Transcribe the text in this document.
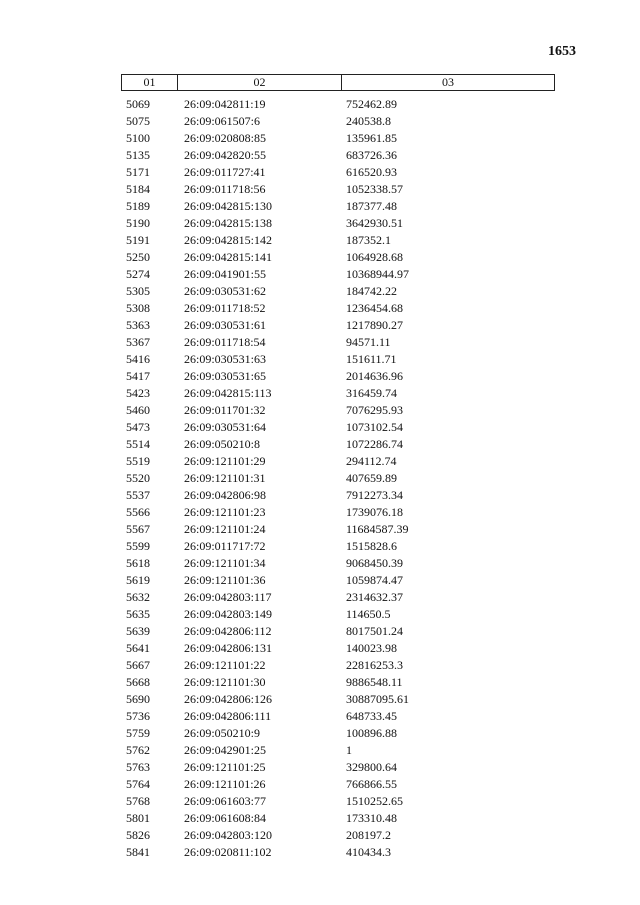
1653
01	02	03
5069	26:09:042811:19	752462.89
5075	26:09:061507:6	240538.8
5100	26:09:020808:85	135961.85
5135	26:09:042820:55	683726.36
5171	26:09:011727:41	616520.93
5184	26:09:011718:56	1052338.57
5189	26:09:042815:130	187377.48
5190	26:09:042815:138	3642930.51
5191	26:09:042815:142	187352.1
5250	26:09:042815:141	1064928.68
5274	26:09:041901:55	10368944.97
5305	26:09:030531:62	184742.22
5308	26:09:011718:52	1236454.68
5363	26:09:030531:61	1217890.27
5367	26:09:011718:54	94571.11
5416	26:09:030531:63	151611.71
5417	26:09:030531:65	2014636.96
5423	26:09:042815:113	316459.74
5460	26:09:011701:32	7076295.93
5473	26:09:030531:64	1073102.54
5514	26:09:050210:8	1072286.74
5519	26:09:121101:29	294112.74
5520	26:09:121101:31	407659.89
5537	26:09:042806:98	7912273.34
5566	26:09:121101:23	1739076.18
5567	26:09:121101:24	11684587.39
5599	26:09:011717:72	1515828.6
5618	26:09:121101:34	9068450.39
5619	26:09:121101:36	1059874.47
5632	26:09:042803:117	2314632.37
5635	26:09:042803:149	114650.5
5639	26:09:042806:112	8017501.24
5641	26:09:042806:131	140023.98
5667	26:09:121101:22	22816253.3
5668	26:09:121101:30	9886548.11
5690	26:09:042806:126	30887095.61
5736	26:09:042806:111	648733.45
5759	26:09:050210:9	100896.88
5762	26:09:042901:25	1
5763	26:09:121101:25	329800.64
5764	26:09:121101:26	766866.55
5768	26:09:061603:77	1510252.65
5801	26:09:061608:84	173310.48
5826	26:09:042803:120	208197.2
5841	26:09:020811:102	410434.3
